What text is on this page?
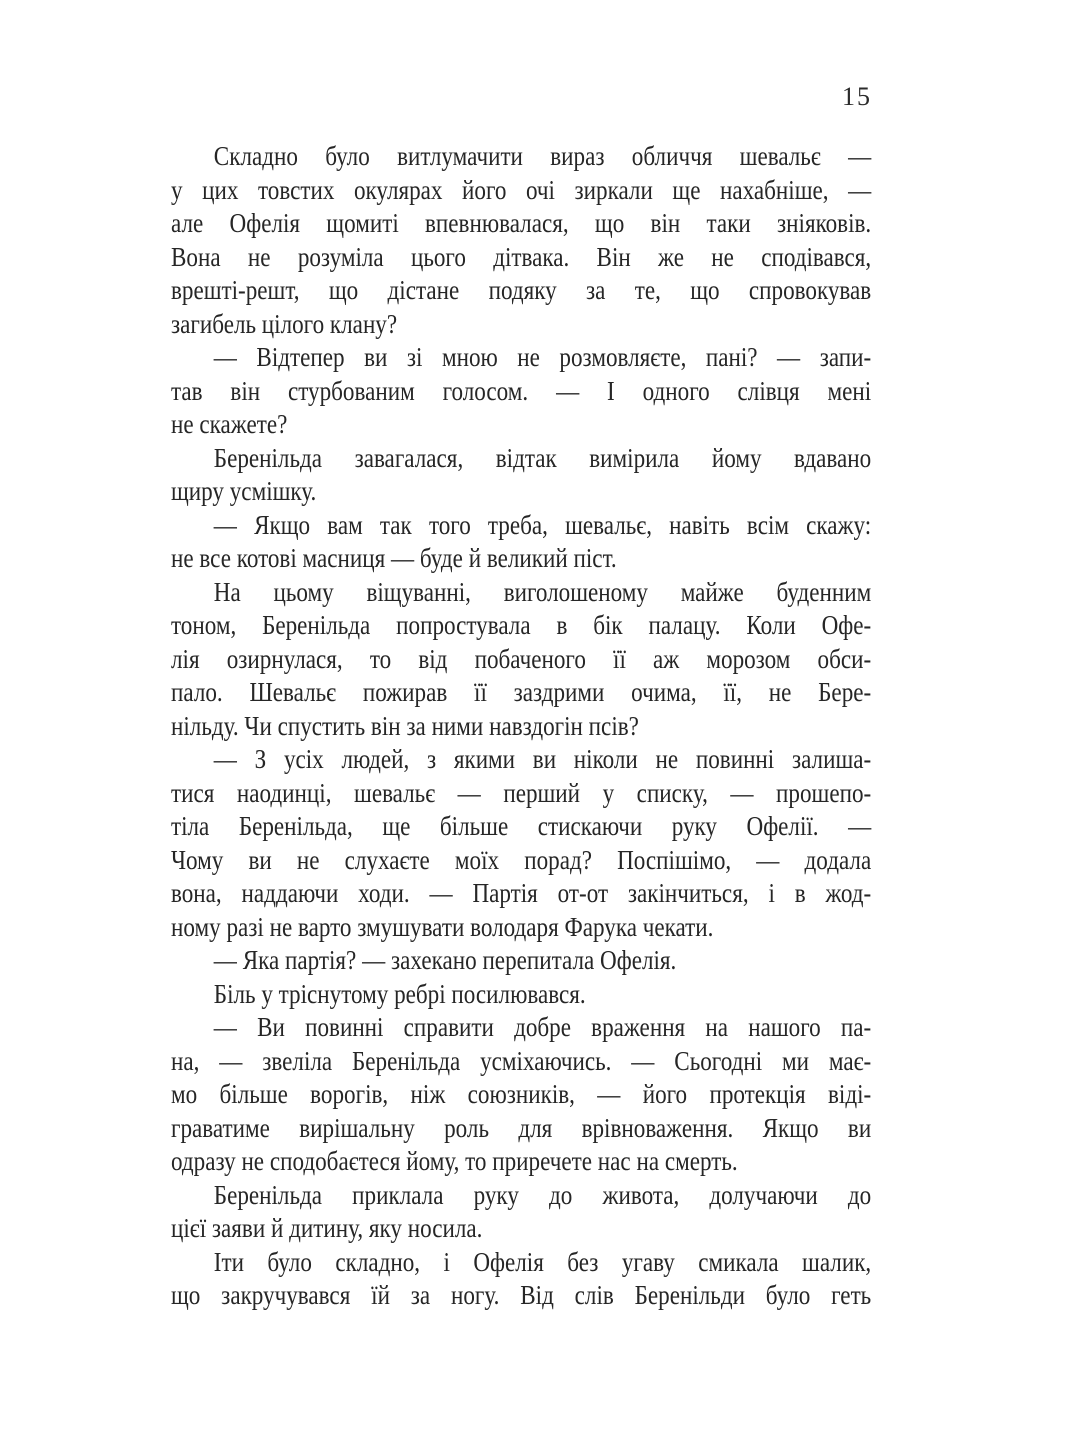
15
Складно було витлумачити вираз обличчя шевальє —
у цих товстих окулярах його очі зиркали ще нахабніше, —
але Офелія щомиті впевнювалася, що він таки зніяковів.
Вона не розуміла цього дітвака. Він же не сподівався,
врешті-решт, що дістане подяку за те, що спровокував
загибель цілого клану?
— Відтепер ви зі мною не розмовляєте, пані? — запи-
тав він стурбованим голосом. — І одного слівця мені
не скажете?
Беренільда завагалася, відтак вимірила йому вдавано
щиру усмішку.
— Якщо вам так того треба, шевальє, навіть всім скажу:
не все котові масниця — буде й великий піст.
На цьому віщуванні, виголошеному майже буденним
тоном, Беренільда попростувала в бік палацу. Коли Офе-
лія озирнулася, то від побаченого її аж морозом обси-
пало. Шевальє пожирав її заздрими очима, її, не Бере-
нільду. Чи спустить він за ними навздогін псів?
— З усіх людей, з якими ви ніколи не повинні залиша-
тися наодинці, шевальє — перший у списку, — прошепо-
тіла Беренільда, ще більше стискаючи руку Офелії. —
Чому ви не слухаєте моїх порад? Поспішімо, — додала
вона, наддаючи ходи. — Партія от-от закінчиться, і в жод-
ному разі не варто змушувати володаря Фарука чекати.
— Яка партія? — захекано перепитала Офелія.
Біль у тріснутому ребрі посилювався.
— Ви повинні справити добре враження на нашого па-
на, — звеліла Беренільда усміхаючись. — Сьогодні ми має-
мо більше ворогів, ніж союзників, — його протекція віді-
граватиме вирішальну роль для врівноваження. Якщо ви
одразу не сподобаєтеся йому, то приречете нас на смерть.
Беренільда приклала руку до живота, долучаючи до
цієї заяви й дитину, яку носила.
Іти було складно, і Офелія без угаву смикала шалик,
що закручувався їй за ногу. Від слів Беренільди було геть
